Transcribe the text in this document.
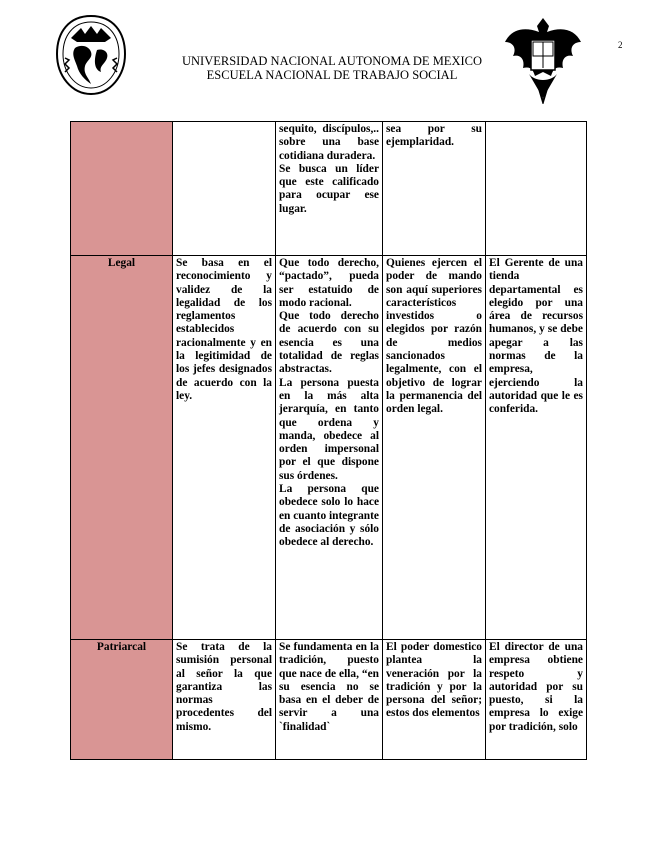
2
UNIVERSIDAD NACIONAL AUTONOMA DE MEXICO
ESCUELA NACIONAL DE TRABAJO SOCIAL

		sequito, discípulos,.. sobre una base cotidiana duradera.
Se busca un líder que este calificado para ocupar ese lugar.	sea por su ejemplaridad.	

Legal	Se basa en el reconocimiento y validez de la legalidad de los reglamentos establecidos racionalmente y en la legitimidad de los jefes designados de acuerdo con la ley.	Que todo derecho, “pactado”, pueda ser estatuido de modo racional.
Que todo derecho de acuerdo con su esencia es una totalidad de reglas abstractas.
La persona puesta en la más alta jerarquía, en tanto que ordena y manda, obedece al orden impersonal por el que dispone sus órdenes.
La persona que obedece solo lo hace en cuanto integrante de asociación y sólo obedece al derecho.	Quienes ejercen el poder de mando son aquí superiores característicos investidos o elegidos por razón de medios sancionados legalmente, con el objetivo de lograr la permanencia del orden legal.	El Gerente de una tienda departamental es elegido por una área de recursos humanos, y se debe apegar a las normas de la empresa, ejerciendo la autoridad que le es conferida.

Patriarcal	Se trata de la sumisión personal al señor la que garantiza las normas procedentes del mismo.	Se fundamenta en la tradición, puesto que nace de ella, “en su esencia no se basa en el deber de servir a una `finalidad`	El poder domestico plantea la veneración por la tradición y por la persona del señor; estos dos elementos	El director de una empresa obtiene respeto y autoridad por su puesto, si la empresa lo exige por tradición, solo
